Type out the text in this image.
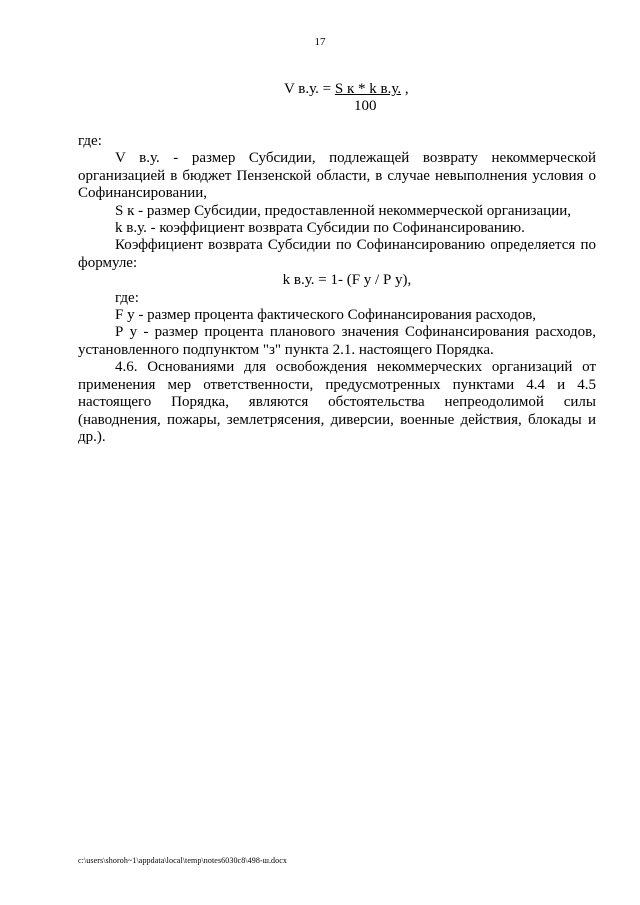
17
V в.у. = S к * k в.у. ,
100

где:

V в.у. - размер Субсидии, подлежащей возврату некоммерческой организацией в бюджет Пензенской области, в случае невыполнения условия о Софинансировании,

S к - размер Субсидии, предоставленной некоммерческой организации,

k в.у. - коэффициент возврата Субсидии по Софинансированию.

Коэффициент возврата Субсидии по Софинансированию определяется по формуле:

k в.у. = 1- (F у / Р у),

где:

F у - размер процента фактического Софинансирования расходов,

Р у - размер процента планового значения Софинансирования расходов, установленного подпунктом "з" пункта 2.1. настоящего Порядка.

4.6. Основаниями для освобождения некоммерческих организаций от применения мер ответственности, предусмотренных пунктами 4.4 и 4.5 настоящего Порядка, являются обстоятельства непреодолимой силы (наводнения, пожары, землетрясения, диверсии, военные действия, блокады и др.).

c:\users\shoroh~1\appdata\local\temp\notes6030c8\498-ш.docx
